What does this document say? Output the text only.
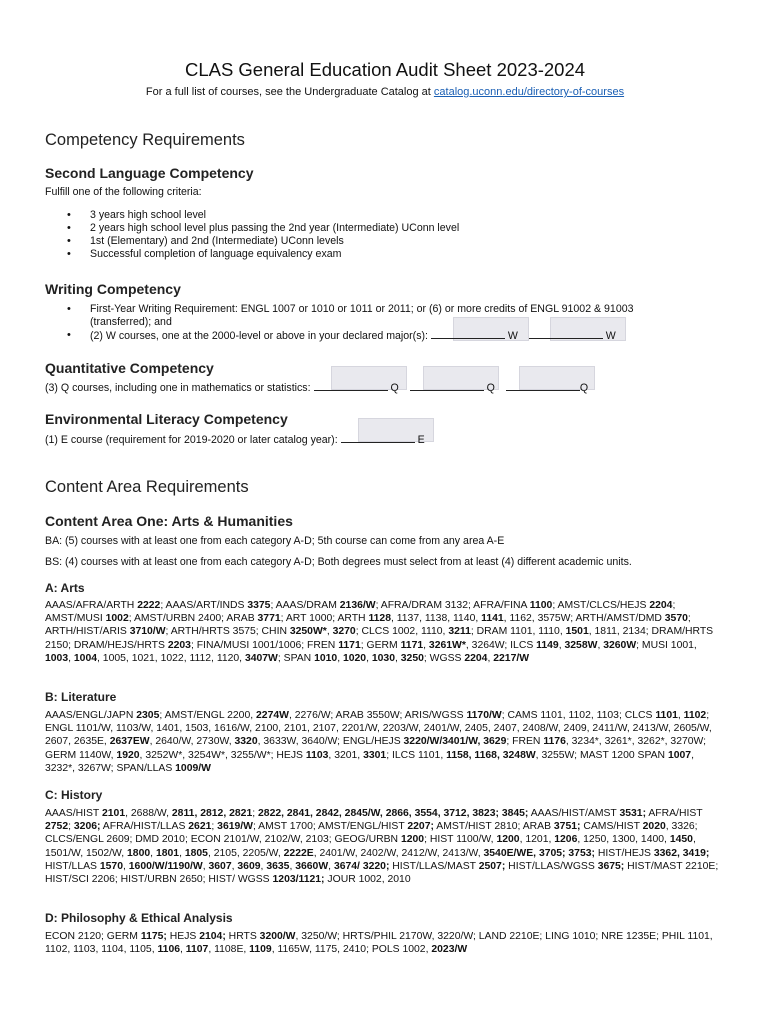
CLAS General Education Audit Sheet 2023-2024
For a full list of courses, see the Undergraduate Catalog at catalog.uconn.edu/directory-of-courses
Competency Requirements
Second Language Competency
Fulfill one of the following criteria:
• 3 years high school level
• 2 years high school level plus passing the 2nd year (Intermediate) UConn level
• 1st (Elementary) and 2nd (Intermediate) UConn levels
• Successful completion of language equivalency exam
Writing Competency
• First-Year Writing Requirement: ENGL 1007 or 1010 or 1011 or 2011; or (6) or more credits of ENGL 91002 & 91003
(transferred); and
• (2) W courses, one at the 2000-level or above in your declared major(s):	W	W
Quantitative Competency
(3) Q courses, including one in mathematics or statistics:	Q	Q	Q
Environmental Literacy Competency
(1) E course (requirement for 2019-2020 or later catalog year):	E
Content Area Requirements
Content Area One: Arts & Humanities
BA: (5) courses with at least one from each category A-D; 5th course can come from any area A-E
BS: (4) courses with at least one from each category A-D; Both degrees must select from at least (4) different academic units.
A: Arts
AAAS/AFRA/ARTH 2222; AAAS/ART/INDS 3375; AAAS/DRAM 2136/W; AFRA/DRAM 3132; AFRA/FINA 1100; AMST/CLCS/HEJS 2204; AMST/MUSI 1002; AMST/URBN 2400; ARAB 3771; ART 1000; ARTH 1128, 1137, 1138, 1140, 1141, 1162, 3575W; ARTH/AMST/DMD 3570; ARTH/HIST/ARIS 3710/W; ARTH/HRTS 3575; CHIN 3250W*, 3270; CLCS 1002, 1110, 3211; DRAM 1101, 1110, 1501, 1811, 2134; DRAM/HRTS 2150; DRAM/HEJS/HRTS 2203; FINA/MUSI 1001/1006; FREN 1171; GERM 1171, 3261W*, 3264W; ILCS 1149, 3258W, 3260W; MUSI 1001, 1003, 1004, 1005, 1021, 1022, 1112, 1120, 3407W; SPAN 1010, 1020, 1030, 3250; WGSS 2204, 2217/W
B: Literature
AAAS/ENGL/JAPN 2305; AMST/ENGL 2200, 2274W, 2276/W; ARAB 3550W; ARIS/WGSS 1170/W; CAMS 1101, 1102, 1103; CLCS 1101, 1102; ENGL 1101/W, 1103/W, 1401, 1503, 1616/W, 2100, 2101, 2107, 2201/W, 2203/W, 2401/W, 2405, 2407, 2408/W, 2409, 2411/W, 2413/W, 2605/W, 2607, 2635E, 2637EW, 2640/W, 2730W, 3320, 3633W, 3640/W; ENGL/HEJS 3220/W/3401/W, 3629; FREN 1176, 3234*, 3261*, 3262*, 3270W; GERM 1140W, 1920, 3252W*, 3254W*, 3255/W*; HEJS 1103, 3201, 3301; ILCS 1101, 1158, 1168, 3248W, 3255W; MAST 1200 SPAN 1007, 3232*, 3267W; SPAN/LLAS 1009/W
C: History
AAAS/HIST 2101, 2688/W, 2811, 2812, 2821; 2822, 2841, 2842, 2845/W, 2866, 3554, 3712, 3823; 3845; AAAS/HIST/AMST 3531; AFRA/HIST 2752; 3206; AFRA/HIST/LLAS 2621; 3619/W; AMST 1700; AMST/ENGL/HIST 2207; AMST/HIST 2810; ARAB 3751; CAMS/HIST 2020, 3326; CLCS/ENGL 2609; DMD 2010; ECON 2101/W, 2102/W, 2103; GEOG/URBN 1200; HIST 1100/W, 1200, 1201, 1206, 1250, 1300, 1400, 1450, 1501/W, 1502/W, 1800, 1801, 1805, 2105, 2205/W, 2222E, 2401/W, 2402/W, 2412/W, 2413/W, 3540E/WE, 3705; 3753; HIST/HEJS 3362, 3419; HIST/LLAS 1570, 1600/W/1190/W, 3607, 3609, 3635, 3660W, 3674/ 3220; HIST/LLAS/MAST 2507; HIST/LLAS/WGSS 3675; HIST/MAST 2210E; HIST/SCI 2206; HIST/URBN 2650; HIST/ WGSS 1203/1121; JOUR 1002, 2010
D: Philosophy & Ethical Analysis
ECON 2120; GERM 1175; HEJS 2104; HRTS 3200/W, 3250/W; HRTS/PHIL 2170W, 3220/W; LAND 2210E; LING 1010; NRE 1235E; PHIL 1101, 1102, 1103, 1104, 1105, 1106, 1107, 1108E, 1109, 1165W, 1175, 2410; POLS 1002, 2023/W
